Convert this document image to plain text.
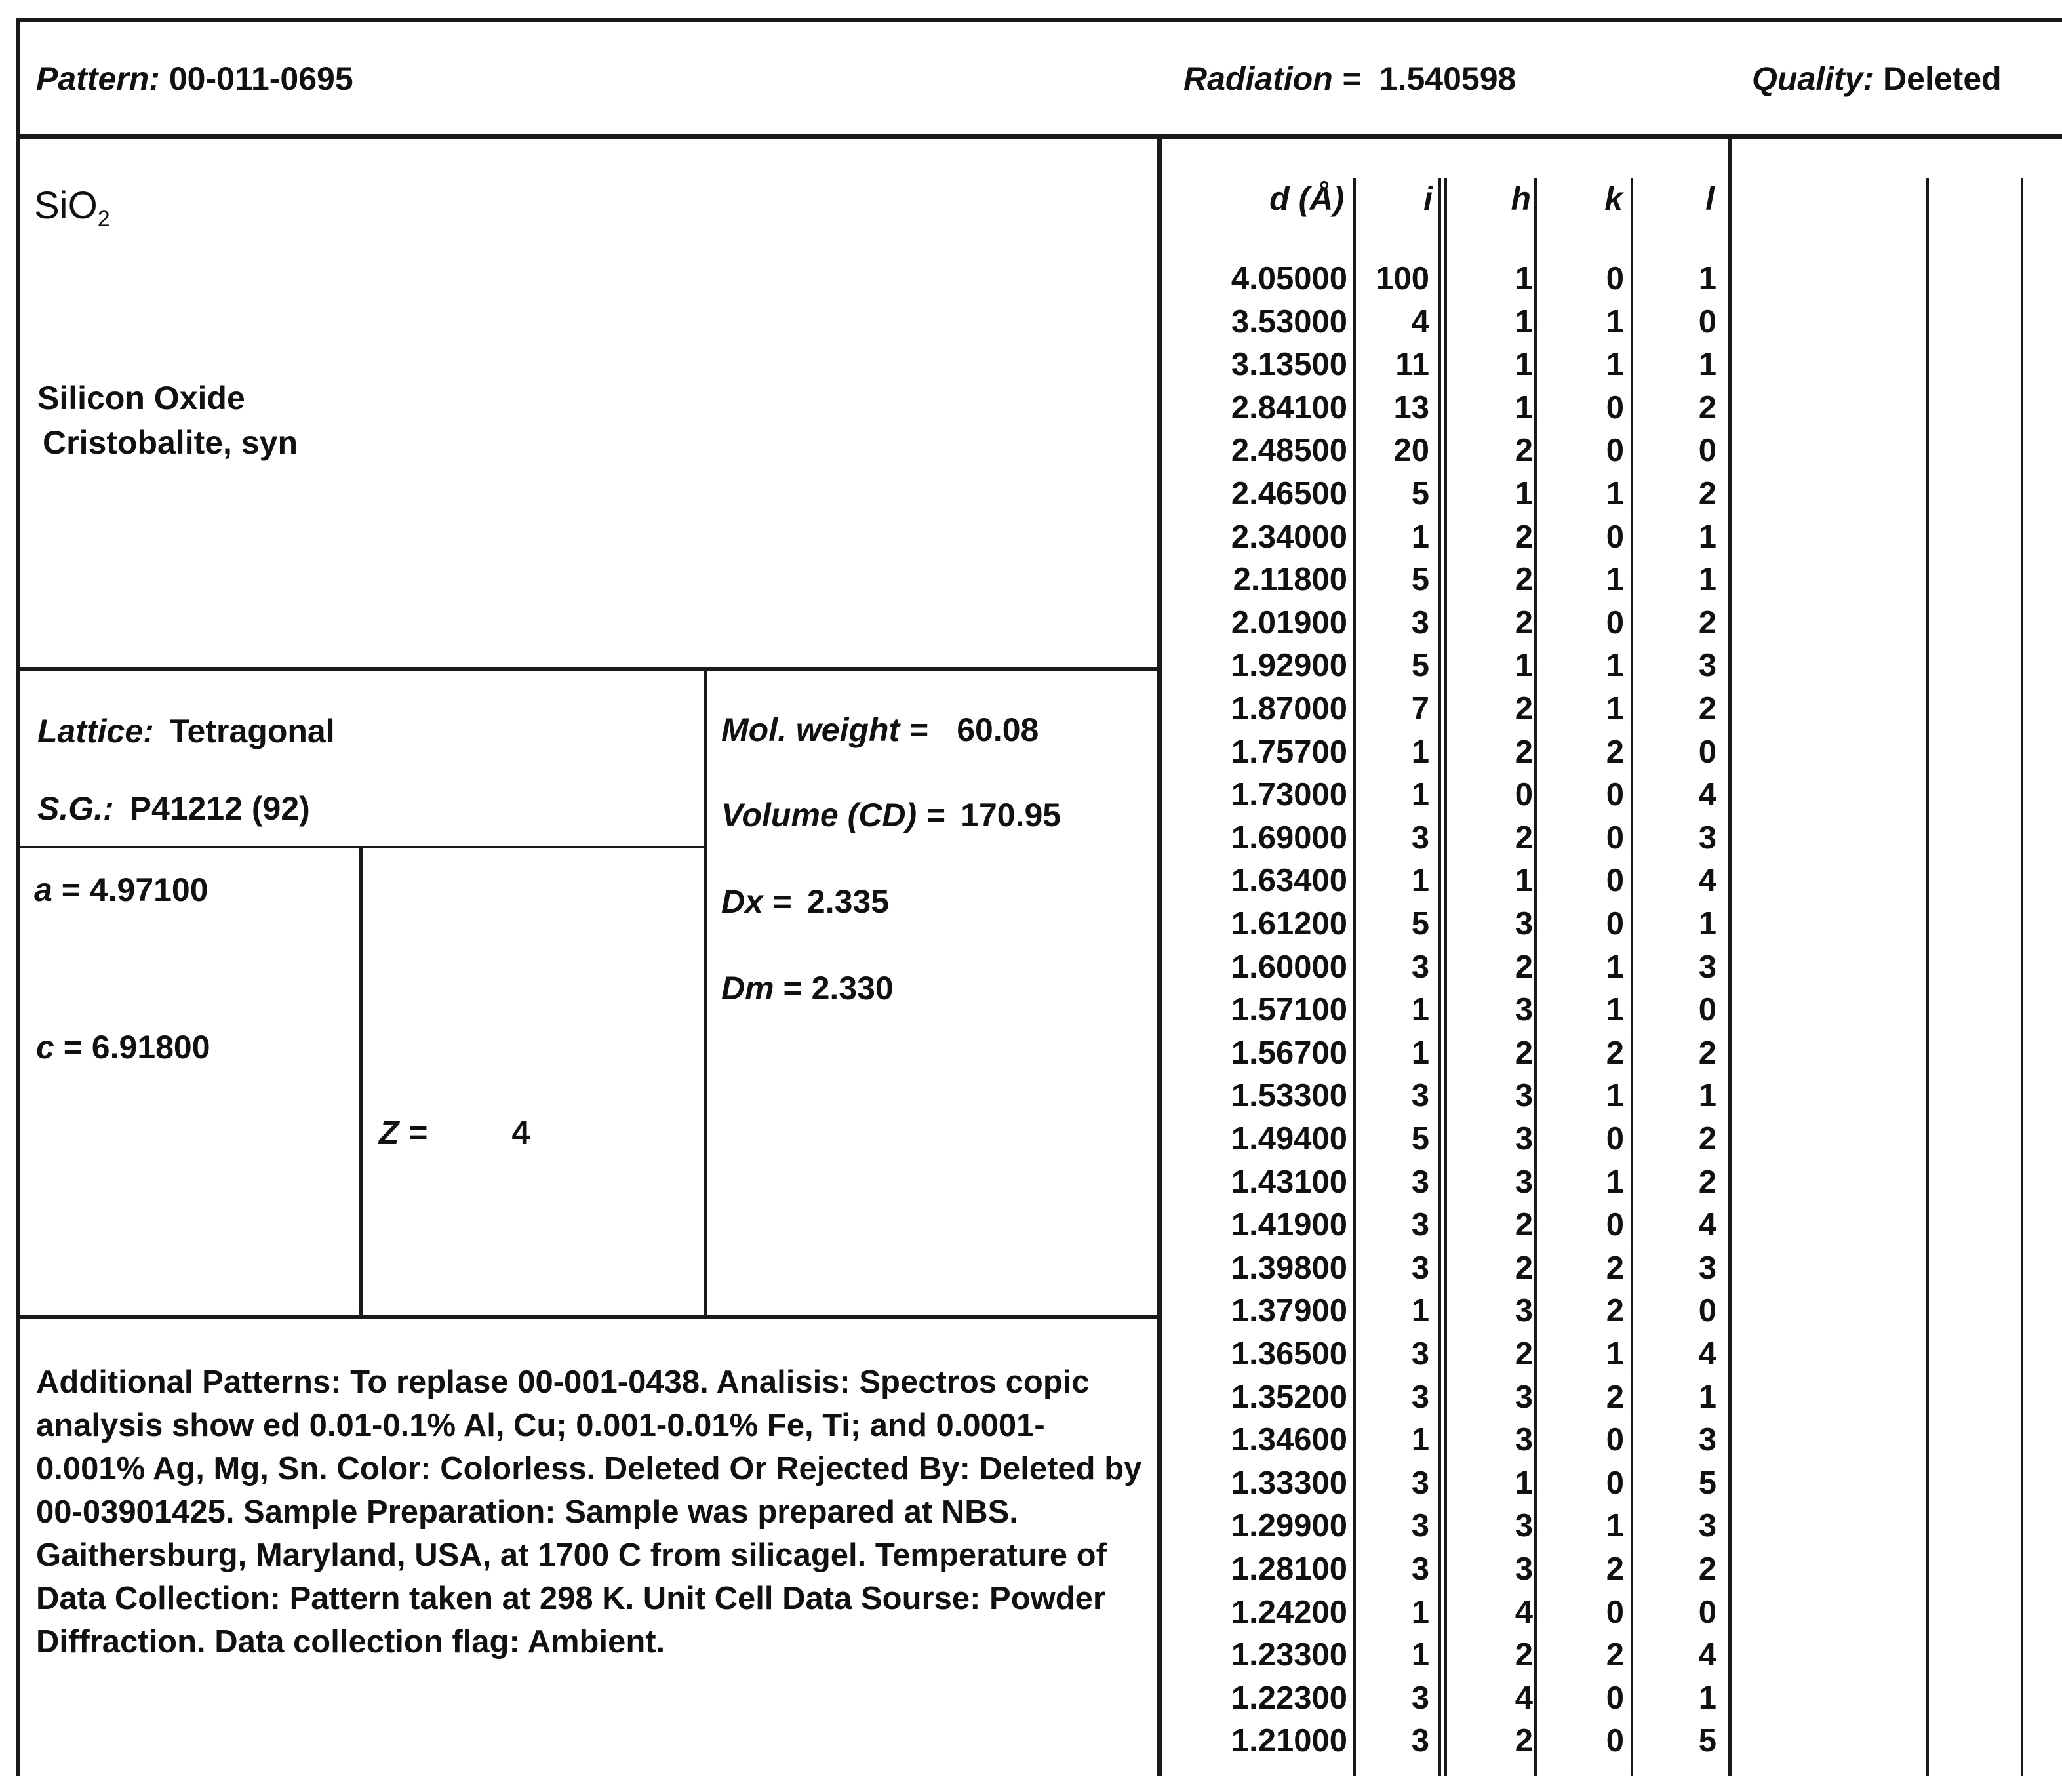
Pattern: 00-011-0695	Radiation = 1.540598	Quality: Deleted
SiO$_2$
Silicon Oxide
Cristobalite, syn
Lattice: Tetragonal
S.G.: P41212 (92)
a = 4.97100
c = 6.91800
Z =	4
Mol. weight = 60.08
Volume (CD) = 170.95
Dx = 2.335
Dm = 2.330
Additional Patterns: To replase 00-001-0438. Analisis: Spectros copic analysis show ed 0.01-0.1% Al, Cu; 0.001-0.01% Fe, Ti; and 0.0001-0.001% Ag, Mg, Sn. Color: Colorless. Deleted Or Rejected By: Deleted by 00-03901425. Sample Preparation: Sample was prepared at NBS. Gaithersburg, Maryland, USA, at 1700 C from silicagel. Temperature of Data Collection: Pattern taken at 298 K. Unit Cell Data Sourse: Powder Diffraction. Data collection flag: Ambient.
d (Å)	i	h	k	l
4.05000 100	1	0	1
3.53000	4	1	1	0
3.13500	11	1	1	1
2.84100	13	1	0	2
2.48500	20	2	0	0
2.46500	5	1	1	2
2.34000	1	2	0	1
2.11800	5	2	1	1
2.01900	3	2	0	2
1.92900	5	1	1	3
1.87000	7	2	1	2
1.75700	1	2	2	0
1.73000	1	0	0	4
1.69000	3	2	0	3
1.63400	1	1	0	4
1.61200	5	3	0	1
1.60000	3	2	1	3
1.57100	1	3	1	0
1.56700	1	2	2	2
1.53300	3	3	1	1
1.49400	5	3	0	2
1.43100	3	3	1	2
1.41900	3	2	0	4
1.39800	3	2	2	3
1.37900	1	3	2	0
1.36500	3	2	1	4
1.35200	3	3	2	1
1.34600	1	3	0	3
1.33300	3	1	0	5
1.29900	3	3	1	3
1.28100	3	3	2	2
1.24200	1	4	0	0
1.23300	1	2	2	4
1.22300	3	4	0	1
1.21000	3	2	0	5
